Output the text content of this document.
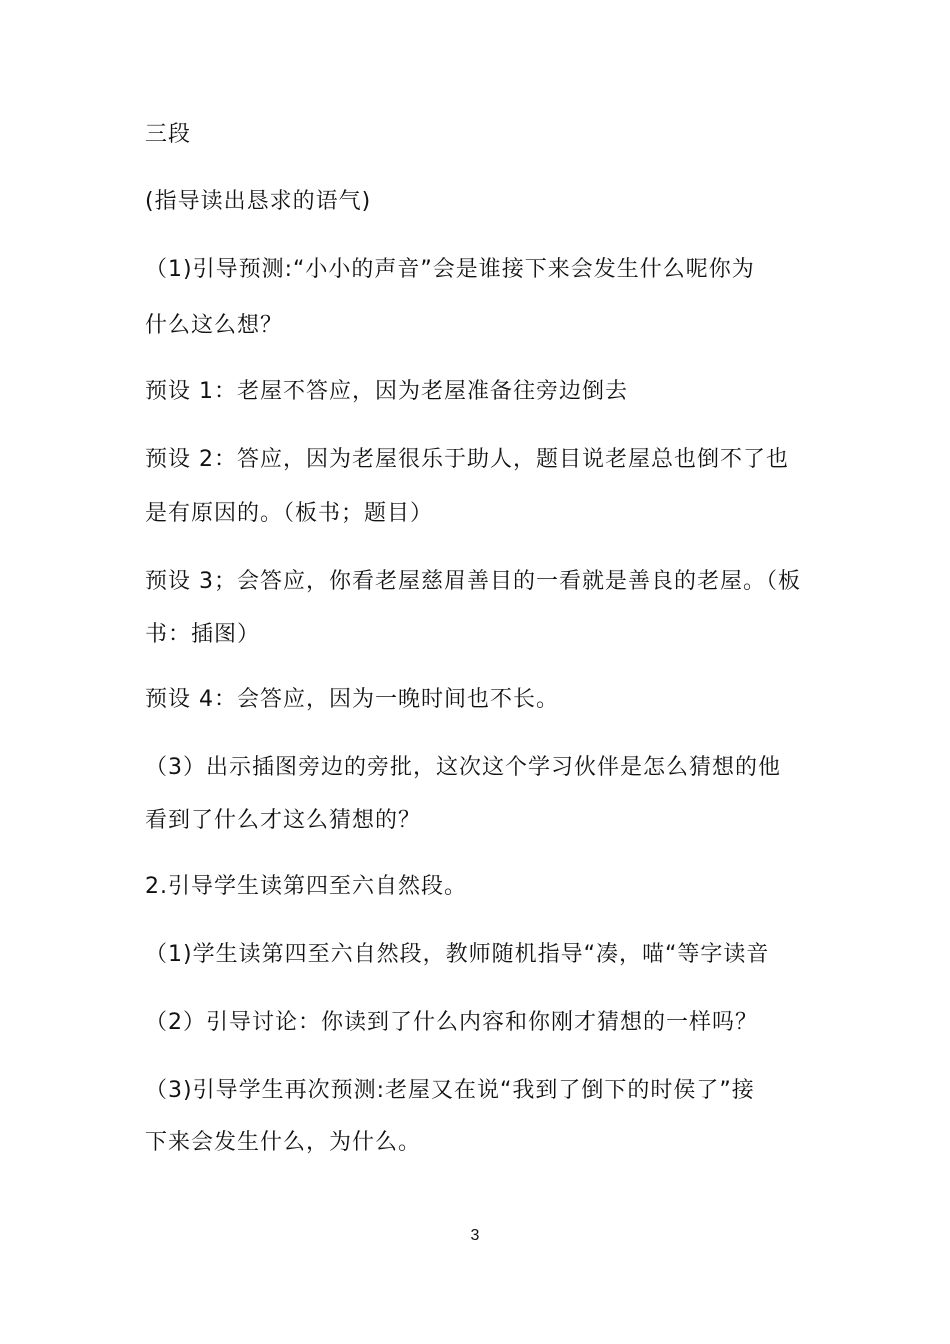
三段
(指导读出恳求的语气)
（1)引导预测:“小小的声音”会是谁接下来会发生什么呢你为
什么这么想？
预设 1：老屋不答应，因为老屋准备往旁边倒去
预设 2：答应，因为老屋很乐于助人，题目说老屋总也倒不了也
是有原因的。（板书；题目）
预设 3；会答应，你看老屋慈眉善目的一看就是善良的老屋。（板
书：插图）
预设 4：会答应，因为一晚时间也不长。
（3）出示插图旁边的旁批，这次这个学习伙伴是怎么猜想的他
看到了什么才这么猜想的？
2.引导学生读第四至六自然段。
（1)学生读第四至六自然段，教师随机指导“凑，喵“等字读音
（2）引导讨论：你读到了什么内容和你刚才猜想的一样吗？
（3)引导学生再次预测:老屋又在说“我到了倒下的时侯了”接
下来会发生什么，为什么。
3
